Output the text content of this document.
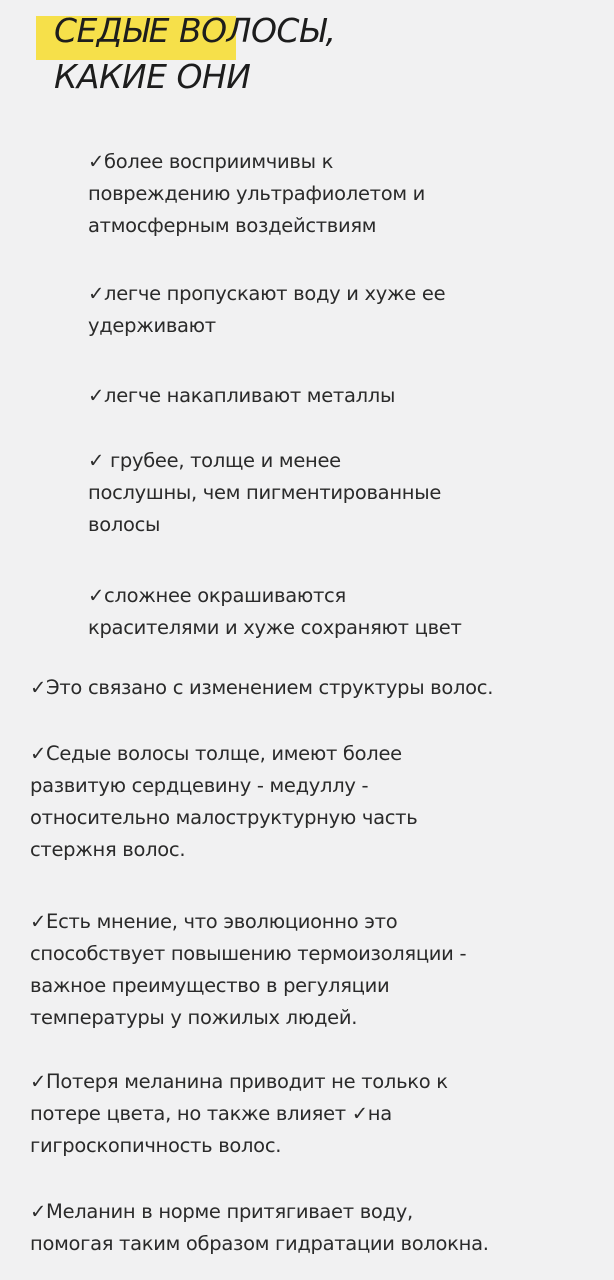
СЕДЫЕ ВОЛОСЫ,
КАКИЕ ОНИ
✓более восприимчивы к
повреждению ультрафиолетом и
атмосферным воздействиям
✓легче пропускают воду и хуже ее
удерживают
✓легче накапливают металлы
✓ грубее, толще и менее
послушны, чем пигментированные
волосы
✓сложнее окрашиваются
красителями и хуже сохраняют цвет
✓Это связано с изменением структуры волос.
✓Седые волосы толще, имеют более
развитую сердцевину - медуллу -
относительно малоструктурную часть
стержня волос.
✓Есть мнение, что эволюционно это
способствует повышению термоизоляции -
важное преимущество в регуляции
температуры у пожилых людей.
✓Потеря меланина приводит не только к
потере цвета, но также влияет ✓на
гигроскопичность волос.
✓Меланин в норме притягивает воду,
помогая таким образом гидратации волокна.
